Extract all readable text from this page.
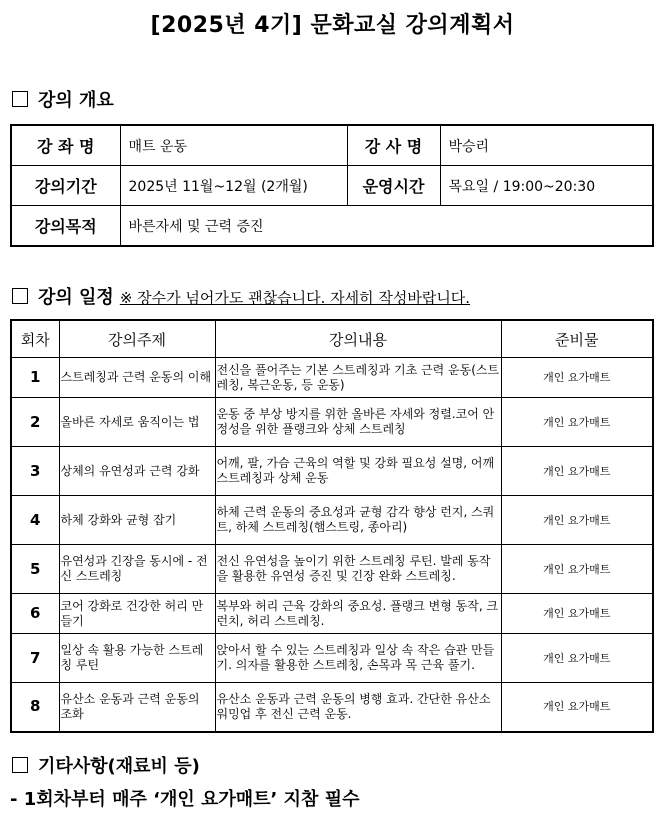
[2025년 4기] 문화교실 강의계획서
강의 개요
강 좌 명	매트 운동	강 사 명	박승리
강의기간	2025년 11월~12월 (2개월)	운영시간	목요일 / 19:00~20:30
강의목적	바른자세 및 근력 증진		
강의 일정 ※ 장수가 넘어가도 괜찮습니다. 자세히 작성바랍니다.
회차	강의주제	강의내용	준비물
1	스트레칭과 근력 운동의 이해	전신을 풀어주는 기본 스트레칭과 기초 근력 운동(스트레칭, 복근운동, 등 운동)	개인 요가매트
2	올바른 자세로 움직이는 법	운동 중 부상 방지를 위한 올바른 자세와 정렬.코어 안정성을 위한 플랭크와 상체 스트레칭	개인 요가매트
3	상체의 유연성과 근력 강화	어깨, 팔, 가슴 근육의 역할 및 강화 필요성 설명, 어깨 스트레칭과 상체 운동	개인 요가매트
4	하체 강화와 균형 잡기	하체 근력 운동의 중요성과 균형 감각 향상 런지, 스쿼트, 하체 스트레칭(햄스트링, 종아리)	개인 요가매트
5	유연성과 긴장을 동시에 - 전신 스트레칭	전신 유연성을 높이기 위한 스트레칭 루틴. 발레 동작을 활용한 유연성 증진 및 긴장 완화 스트레칭.	개인 요가매트
6	코어 강화로 건강한 허리 만들기	복부와 허리 근육 강화의 중요성. 플랭크 변형 동작, 크런치, 허리 스트레칭.	개인 요가매트
7	일상 속 활용 가능한 스트레칭 루틴	앉아서 할 수 있는 스트레칭과 일상 속 작은 습관 만들기. 의자를 활용한 스트레칭, 손목과 목 근육 풀기.	개인 요가매트
8	유산소 운동과 근력 운동의 조화	유산소 운동과 근력 운동의 병행 효과. 간단한 유산소 워밍업 후 전신 근력 운동.	개인 요가매트
기타사항(재료비 등)
- 1회차부터 매주 ‘개인 요가매트’ 지참 필수
